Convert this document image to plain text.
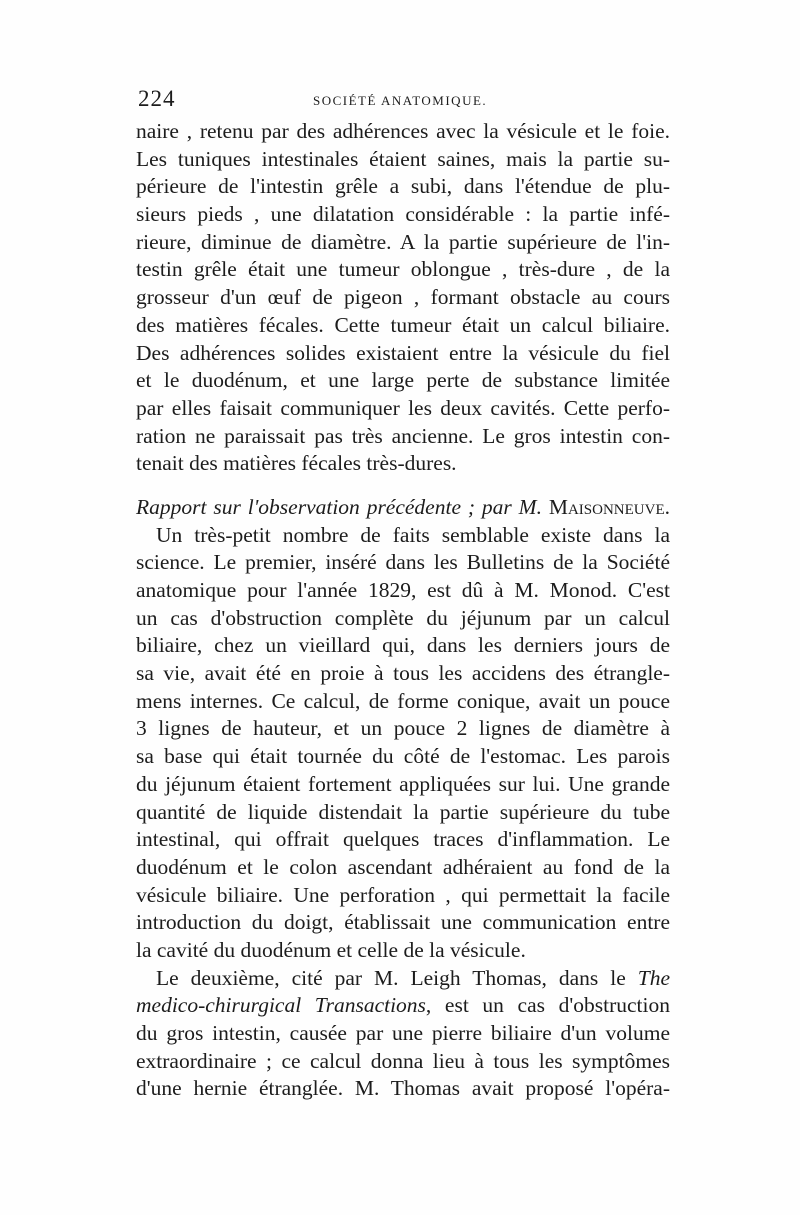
224	SOCIÉTÉ ANATOMIQUE.
naire , retenu par des adhérences avec la vésicule et le foie.
Les tuniques intestinales étaient saines, mais la partie su-
périeure de l'intestin grêle a subi, dans l'étendue de plu-
sieurs pieds , une dilatation considérable : la partie infé-
rieure, diminue de diamètre. A la partie supérieure de l'in-
testin grêle était une tumeur oblongue , très-dure , de la
grosseur d'un œuf de pigeon , formant obstacle au cours
des matières fécales. Cette tumeur était un calcul biliaire.
Des adhérences solides existaient entre la vésicule du fiel
et le duodénum, et une large perte de substance limitée
par elles faisait communiquer les deux cavités. Cette perfo-
ration ne paraissait pas très ancienne. Le gros intestin con-
tenait des matières fécales très-dures.
Rapport sur l'observation précédente ; par M. Maisonneuve.
Un très-petit nombre de faits semblable existe dans la
science. Le premier, inséré dans les Bulletins de la Société
anatomique pour l'année 1829, est dû à M. Monod. C'est
un cas d'obstruction complète du jéjunum par un calcul
biliaire, chez un vieillard qui, dans les derniers jours de
sa vie, avait été en proie à tous les accidens des étrangle-
mens internes. Ce calcul, de forme conique, avait un pouce
3 lignes de hauteur, et un pouce 2 lignes de diamètre à
sa base qui était tournée du côté de l'estomac. Les parois
du jéjunum étaient fortement appliquées sur lui. Une grande
quantité de liquide distendait la partie supérieure du tube
intestinal, qui offrait quelques traces d'inflammation. Le
duodénum et le colon ascendant adhéraient au fond de la
vésicule biliaire. Une perforation , qui permettait la facile
introduction du doigt, établissait une communication entre
la cavité du duodénum et celle de la vésicule.
Le deuxième, cité par M. Leigh Thomas, dans le The
medico-chirurgical Transactions, est un cas d'obstruction
du gros intestin, causée par une pierre biliaire d'un volume
extraordinaire ; ce calcul donna lieu à tous les symptômes
d'une hernie étranglée. M. Thomas avait proposé l'opéra-
